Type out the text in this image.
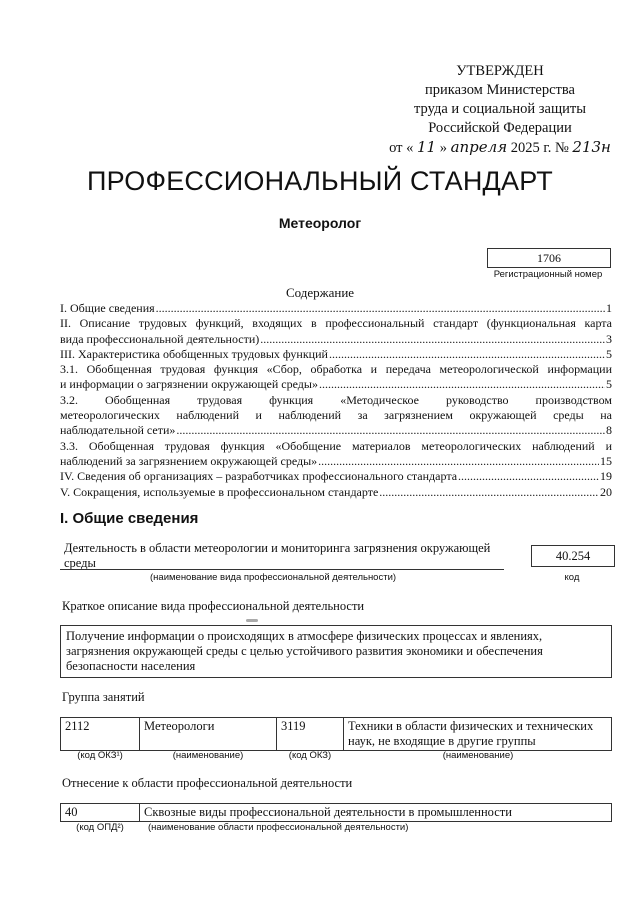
УТВЕРЖДЕН
приказом Министерства
труда и социальной защиты
Российской Федерации
от « 11 » апреля 2025 г. № 213н
ПРОФЕССИОНАЛЬНЫЙ СТАНДАРТ
Метеоролог
1706
Регистрационный номер
Содержание
I. Общие сведения .....	1
II. Описание трудовых функций, входящих в профессиональный стандарт (функциональная карта
вида профессиональной деятельности) .....	3
III. Характеристика обобщенных трудовых функций .....	5
3.1. Обобщенная трудовая функция «Сбор, обработка и передача метеорологической информации
и информации о загрязнении окружающей среды» .....	5
3.2. Обобщенная трудовая функция «Методическое руководство производством
метеорологических наблюдений и наблюдений за загрязнением окружающей среды на
наблюдательной сети» .....	8
3.3. Обобщенная трудовая функция «Обобщение материалов метеорологических наблюдений и
наблюдений за загрязнением окружающей среды» .....	15
IV. Сведения об организациях – разработчиках профессионального стандарта .....	19
V. Сокращения, используемые в профессиональном стандарте .....	20
I. Общие сведения
Деятельность в области метеорологии и мониторинга загрязнения окружающей среды
(наименование вида профессиональной деятельности)
40.254
код
Краткое описание вида профессиональной деятельности
Получение информации о происходящих в атмосфере физических процессах и явлениях, загрязнения окружающей среды с целью устойчивого развития экономики и обеспечения безопасности населения
Группа занятий
2112	Метеорологи	3119	Техники в области физических и технических наук, не входящие в другие группы
(код ОКЗ¹)	(наименование)	(код ОКЗ)	(наименование)
Отнесение к области профессиональной деятельности
40	Сквозные виды профессиональной деятельности в промышленности
(код ОПД²)	(наименование области профессиональной деятельности)
